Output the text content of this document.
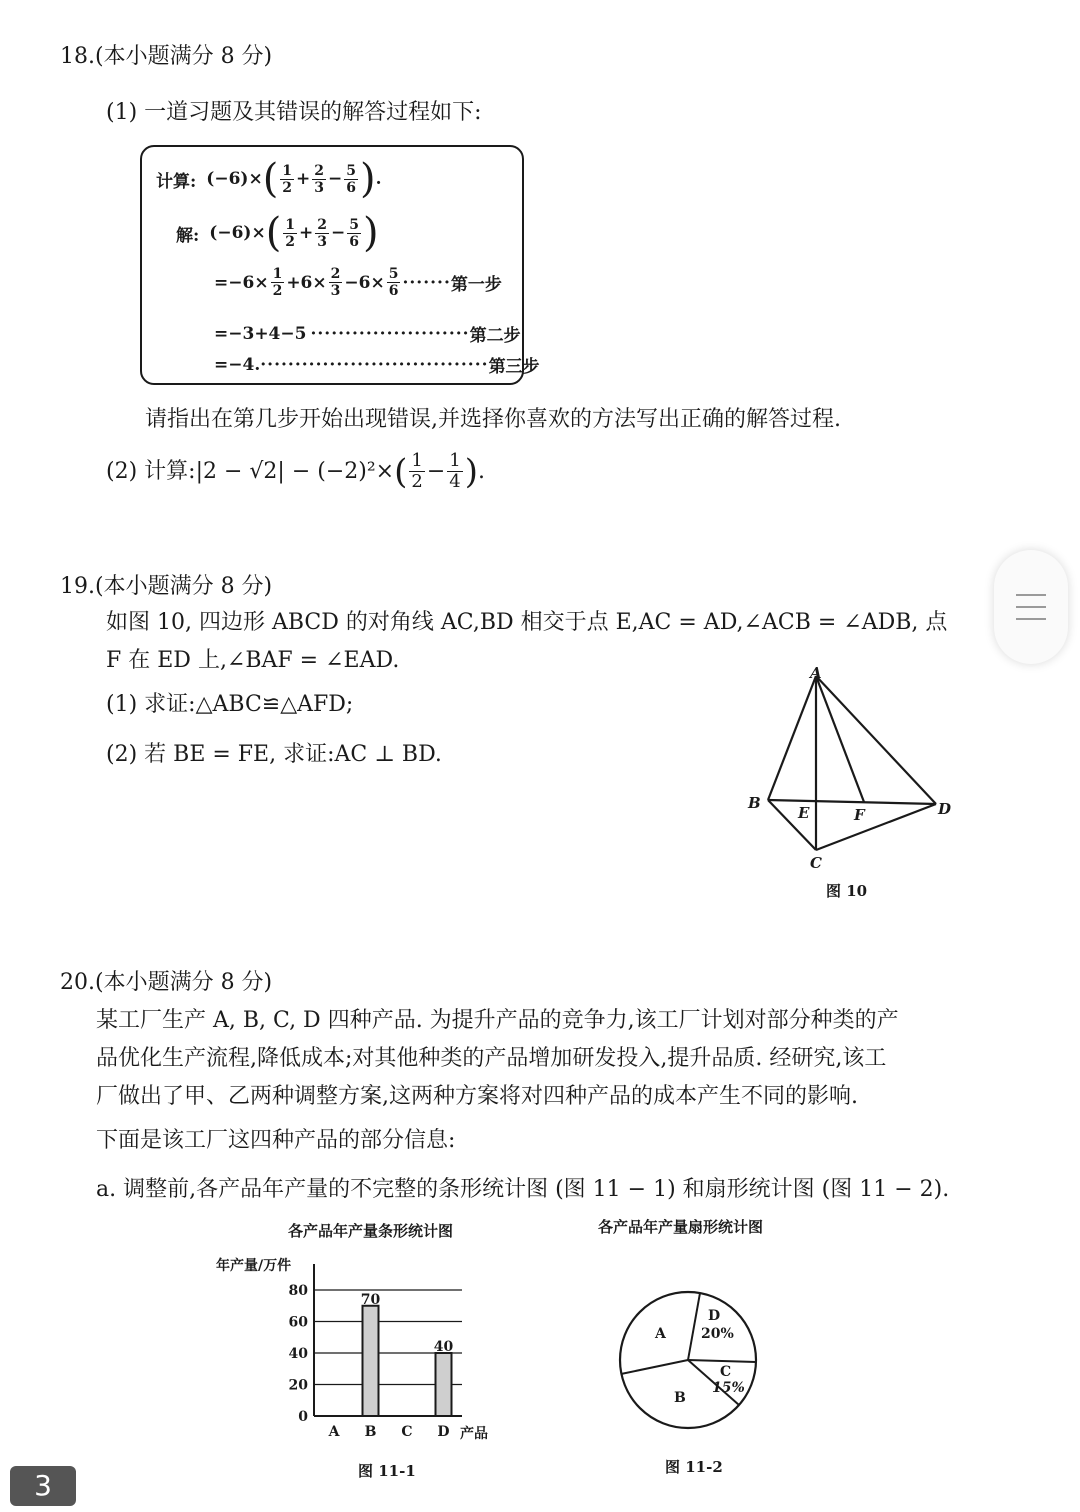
18.(本小题满分 8 分)
(1) 一道习题及其错误的解答过程如下:
计算: (−6)× ( $\frac{1}{2} + \frac{2}{3} - \frac{5}{6}$ ) .
解: (−6)× ( $\frac{1}{2} + \frac{2}{3} - \frac{5}{6}$ )
$=-6\times \frac{1}{2} +6\times \frac{2}{3} -6\times \frac{5}{6}$ ······· 第一步
=−3+4−5 ······················· 第二步
=−4. ································· 第三步
请指出在第几步开始出现错误,并选择你喜欢的方法写出正确的解答过程.
(2) 计算:|2 − √2| − (−2)²× ( $\frac{1}{2} - \frac{1}{4}$ ) .
19.(本小题满分 8 分)
如图 10, 四边形 ABCD 的对角线 AC,BD 相交于点 E,AC = AD,∠ACB = ∠ADB, 点
F 在 ED 上,∠BAF = ∠EAD.
(1) 求证:△ABC≌△AFD;
(2) 若 BE = FE, 求证:AC ⊥ BD.
A
B
C
D
E	F
图 10
20.(本小题满分 8 分)
某工厂生产 A, B, C, D 四种产品. 为提升产品的竞争力,该工厂计划对部分种类的产
品优化生产流程,降低成本;对其他种类的产品增加研发投入,提升品质. 经研究,该工
厂做出了甲、乙两种调整方案,这两种方案将对四种产品的成本产生不同的影响.
下面是该工厂这四种产品的部分信息:
a. 调整前,各产品年产量的不完整的条形统计图 (图 11 − 1) 和扇形统计图 (图 11 − 2).
各产品年产量条形统计图
年产量/万件
0
20
40
60
80
70
40
A B C D 产品
图 11-1
各产品年产量扇形统计图
A
D
20%
C
15%
B
图 11-2
3
